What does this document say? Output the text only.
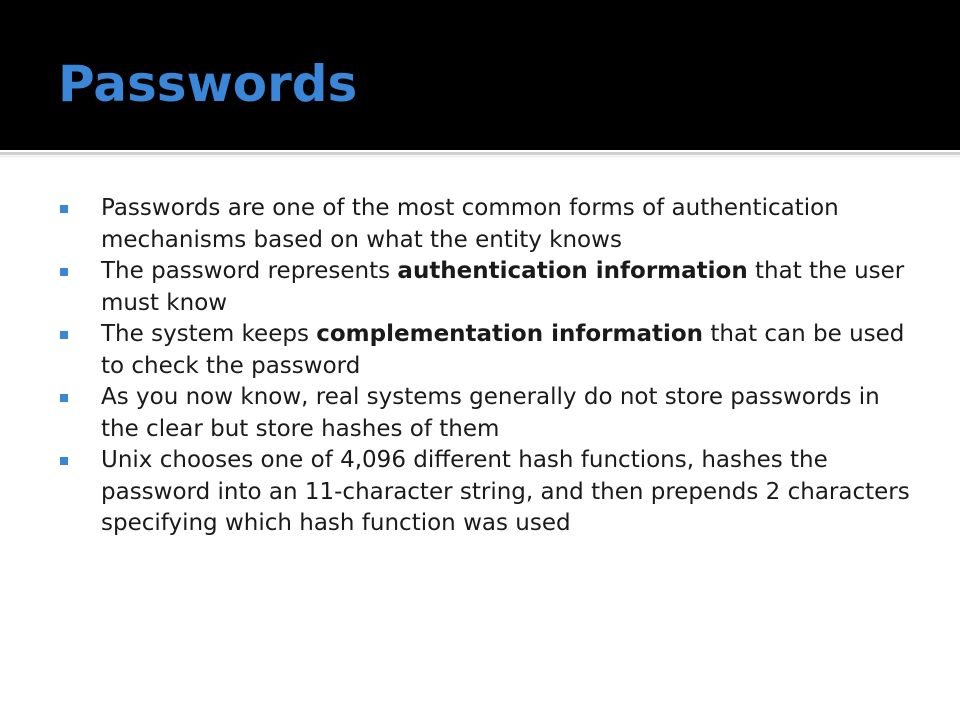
Passwords
Passwords are one of the most common forms of authentication mechanisms based on what the entity knows
The password represents authentication information that the user must know
The system keeps complementation information that can be used to check the password
As you now know, real systems generally do not store passwords in the clear but store hashes of them
Unix chooses one of 4,096 different hash functions, hashes the password into an 11-character string, and then prepends 2 characters specifying which hash function was used
